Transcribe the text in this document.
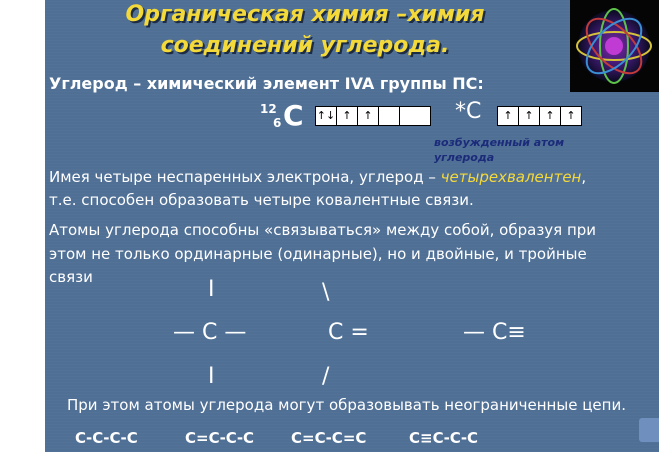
Органическая химия –химия
соединений углерода.
Углерод – химический элемент IVA группы ПС:
12
6 C ↑↓ ↑	↑	*С	↑	↑	↑	↑
возбужденный атом
углерода
Имея четыре неспаренных электрона, углерод – четырехвалентен,
т.е. способен образовать четыре ковалентные связи.
Атомы углерода способны «связываться» между собой, образуя при
этом не только ординарные (одинарные), но и двойные, и тройные
связи	I
— С —
I
\
С =
/
— С≡
При этом атомы углерода могут образовывать неограниченные цепи.
С-С-С-С	С=С-С-С С=С-С=С	С≡С-С-С
